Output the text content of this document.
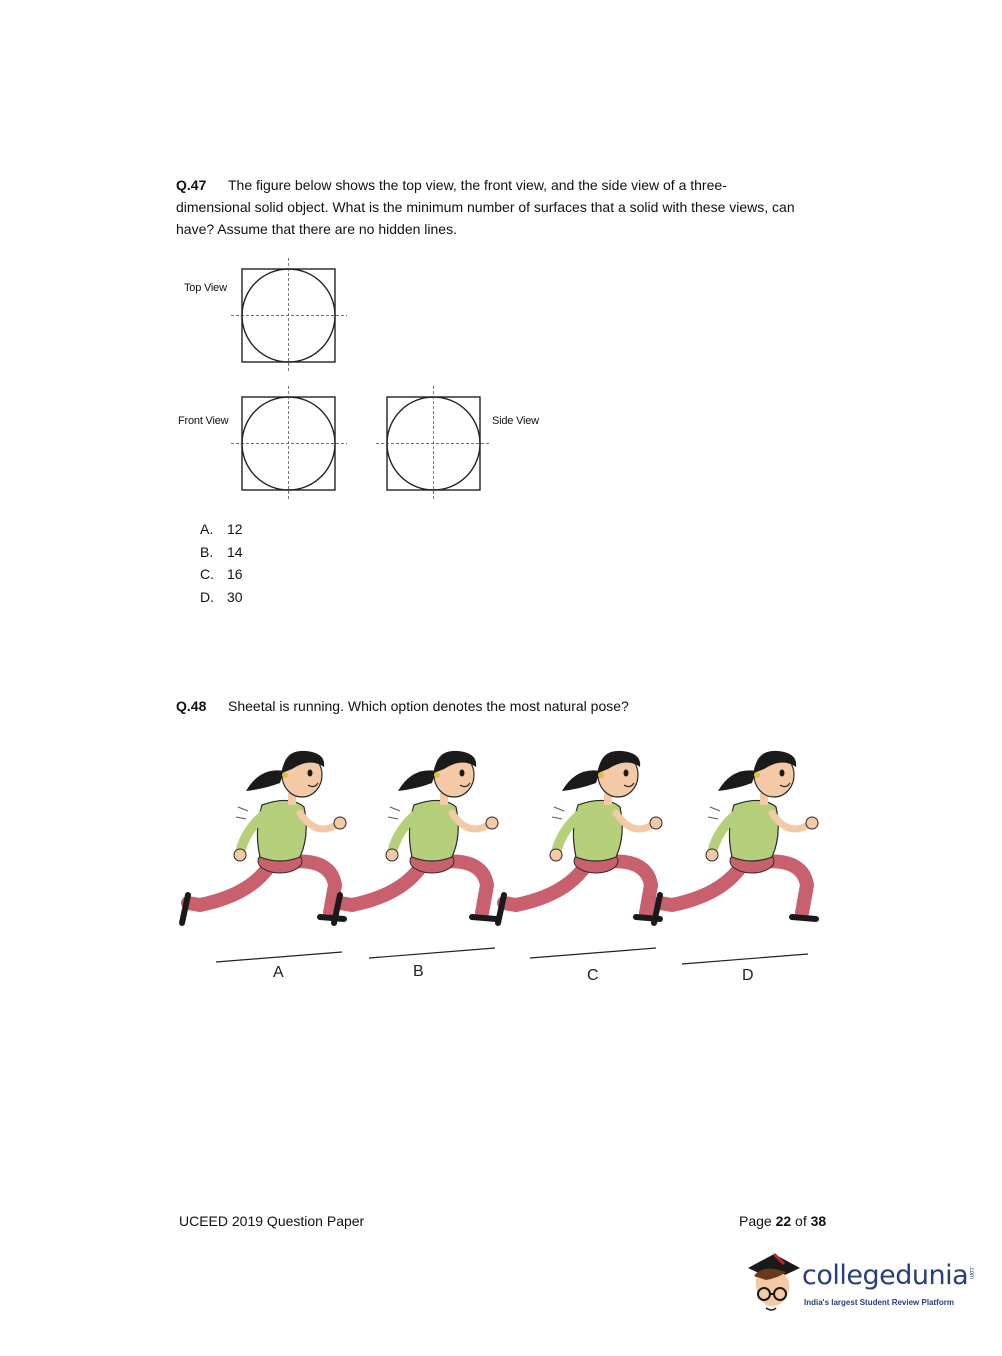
Q.47 The figure below shows the top view, the front view, and the side view of a three-
dimensional solid object. What is the minimum number of surfaces that a solid with these views, can
have? Assume that there are no hidden lines.
Top View
Front View	Side View
A. 12
B. 14
C. 16
D. 30
Q.48 Sheetal is running. Which option denotes the most natural pose?
A	B	C	D
UCEED 2019 Question Paper	Page 22 of 38
collegedunia .com
India's largest Student Review Platform
